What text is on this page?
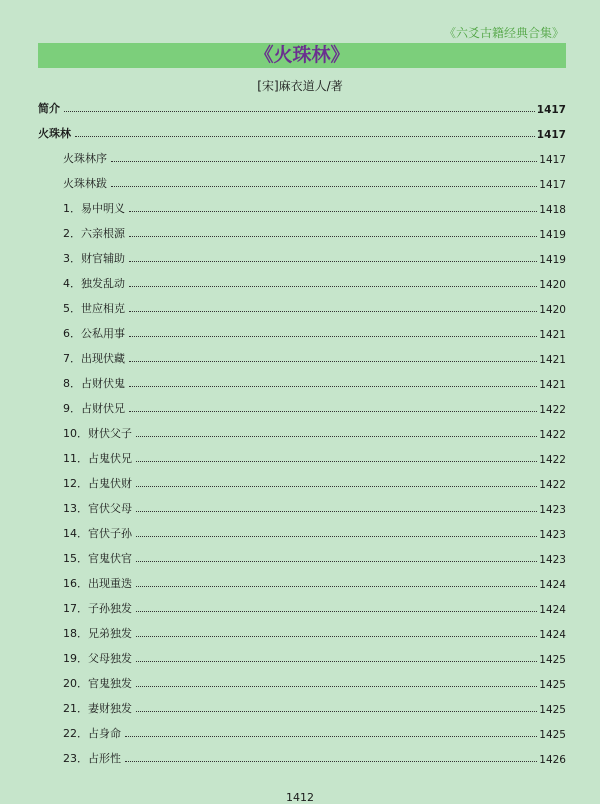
《六爻古籍经典合集》
《火珠林》
[宋]麻衣道人/著
简介	1417
火珠林	1417
火珠林序	1417
火珠林跋	1417
1．易中明义	1418
2．六亲根源	1419
3．财官辅助	1419
4．独发乱动	1420
5．世应相克	1420
6．公私用事	1421
7．出现伏藏	1421
8．占财伏鬼	1421
9．占财伏兄	1422
10．财伏父子	1422
11．占鬼伏兄	1422
12．占鬼伏财	1422
13．官伏父母	1423
14．官伏子孙	1423
15．官鬼伏官	1423
16．出现重迭	1424
17．子孙独发	1424
18．兄弟独发	1424
19．父母独发	1425
20．官鬼独发	1425
21．妻财独发	1425
22．占身命	1425
23．占形性	1426
1412
